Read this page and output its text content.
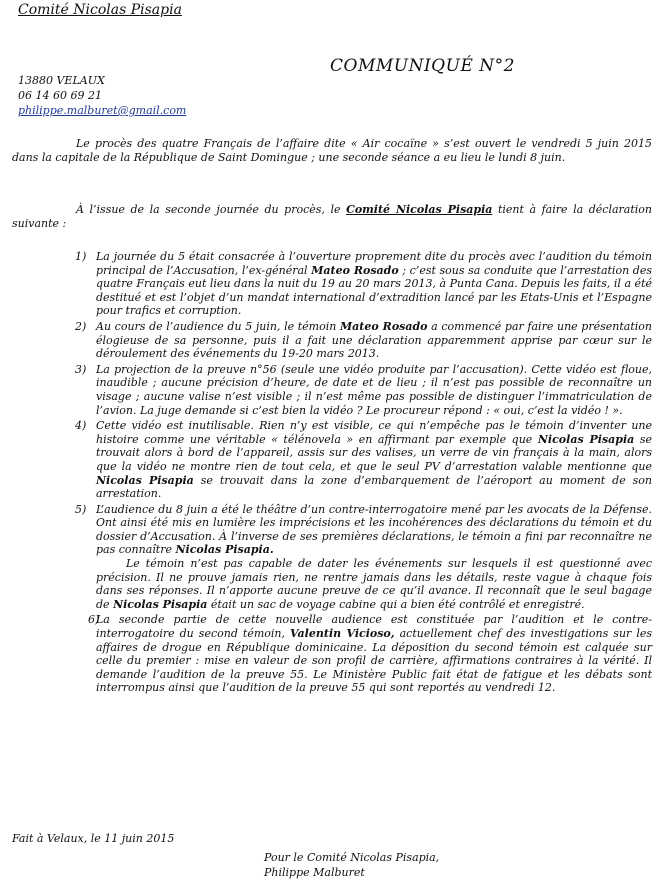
Comité Nicolas Pisapia
13880 VELAUX
06 14 60 69 21
philippe.malburet@gmail.com
COMMUNIQUÉ N°2

Le procès des quatre Français de l’affaire dite « Air cocaïne » s’est ouvert le vendredi 5 juin 2015 dans la capitale de la République de Saint Domingue ; une seconde séance a eu lieu le lundi 8 juin.

À l’issue de la seconde journée du procès, le Comité Nicolas Pisapia tient à faire la déclaration suivante :

1) La journée du 5 était consacrée à l’ouverture proprement dite du procès avec l’audition du témoin principal de l’Accusation, l’ex-général Mateo Rosado ; c’est sous sa conduite que l’arrestation des quatre Français eut lieu dans la nuit du 19 au 20 mars 2013, à Punta Cana. Depuis les faits, il a été destitué et est l’objet d’un mandat international d’extradition lancé par les Etats-Unis et l’Espagne pour trafics et corruption.
2) Au cours de l’audience du 5 juin, le témoin Mateo Rosado a commencé par faire une présentation élogieuse de sa personne, puis il a fait une déclaration apparemment apprise par cœur sur le déroulement des événements du 19-20 mars 2013.
3) La projection de la preuve n°56 (seule une vidéo produite par l’accusation). Cette vidéo est floue, inaudible ; aucune précision d’heure, de date et de lieu ; il n’est pas possible de reconnaître un visage ; aucune valise n’est visible ; il n’est même pas possible de distinguer l’immatriculation de l’avion. La juge demande si c’est bien la vidéo ? Le procureur répond : « oui, c’est la vidéo ! ».
4) Cette vidéo est inutilisable. Rien n’y est visible, ce qui n’empêche pas le témoin d’inventer une histoire comme une véritable « télénovela » en affirmant par exemple que Nicolas Pisapia se trouvait alors à bord de l’appareil, assis sur des valises, un verre de vin français à la main, alors que la vidéo ne montre rien de tout cela, et que le seul PV d’arrestation valable mentionne que Nicolas Pisapia se trouvait dans la zone d’embarquement de l’aéroport au moment de son arrestation.
5) L’audience du 8 juin a été le théâtre d’un contre-interrogatoire mené par les avocats de la Défense. Ont ainsi été mis en lumière les imprécisions et les incohérences des déclarations du témoin et du dossier d’Accusation. À l’inverse de ses premières déclarations, le témoin a fini par reconnaître ne pas connaître Nicolas Pisapia.

Le témoin n’est pas capable de dater les événements sur lesquels il est questionné avec précision. Il ne prouve jamais rien, ne rentre jamais dans les détails, reste vague à chaque fois dans ses réponses. Il n’apporte aucune preuve de ce qu’il avance. Il reconnaît que le seul bagage de Nicolas Pisapia était un sac de voyage cabine qui a bien été contrôlé et enregistré.

6)
La seconde partie de cette nouvelle audience est constituée par l’audition et le contre-interrogatoire du second témoin, Valentin Vicioso, actuellement chef des investigations sur les affaires de drogue en République dominicaine. La déposition du second témoin est calquée sur celle du premier : mise en valeur de son profil de carrière, affirmations contraires à la vérité. Il demande l’audition de la preuve 55. Le Ministère Public fait état de fatigue et les débats sont interrompus ainsi que l’audition de la preuve 55 qui sont reportés au vendredi 12.
Fait à Velaux, le 11 juin 2015
Pour le Comité Nicolas Pisapia,
Philippe Malburet
